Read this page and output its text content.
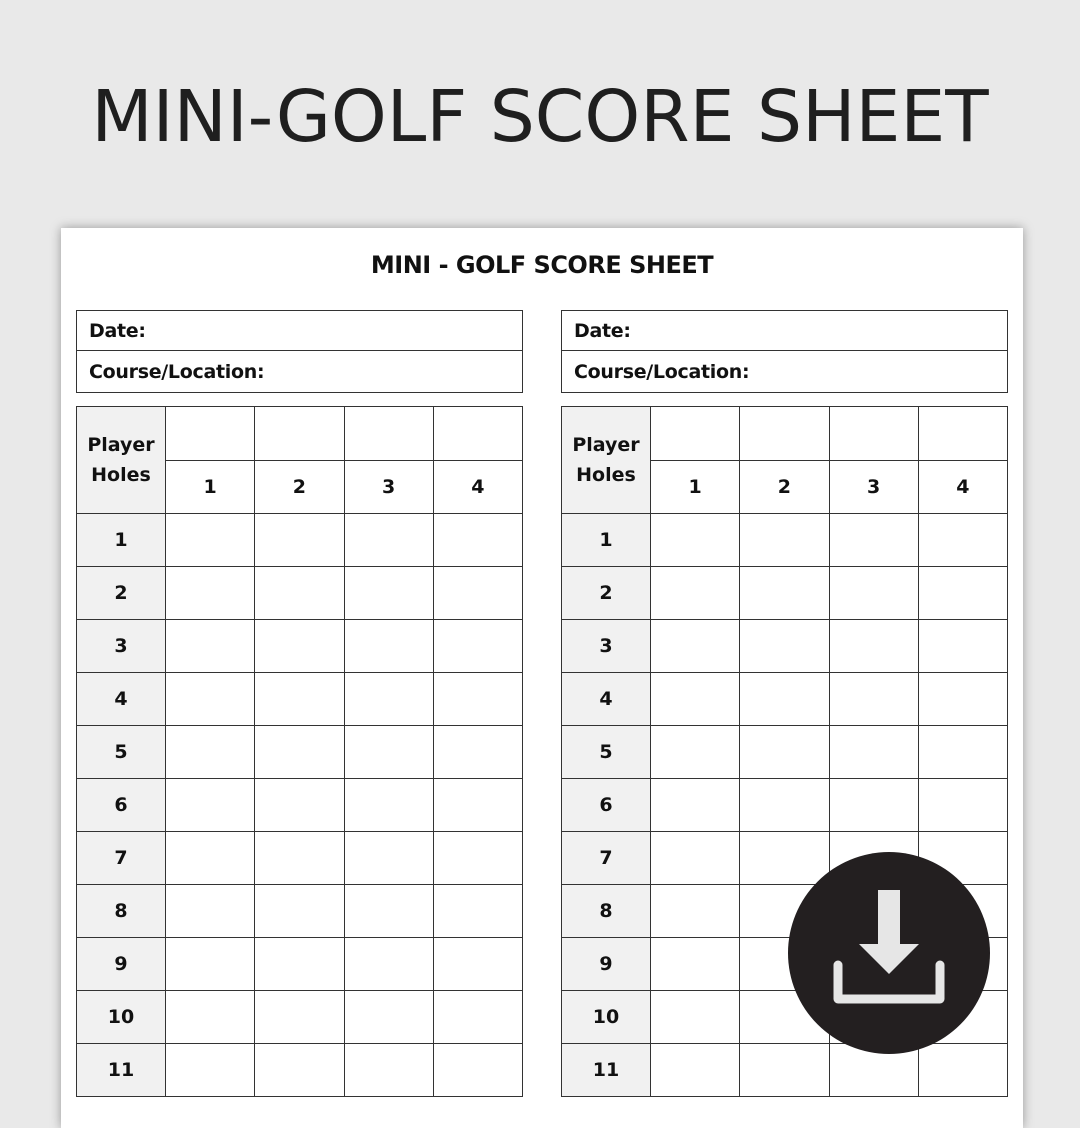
MINI-GOLF SCORE SHEET
MINI - GOLF SCORE SHEET
Date:
Course/Location:
Player
Holes				
	1	2	3	4
1				
2				
3				
4				
5				
6				
7				
8				
9				
10				
11				
Date:
Course/Location:
Player
Holes				
	1	2	3	4
1				
2				
3				
4				
5				
6				
7				
8				
9				
10				
11				
